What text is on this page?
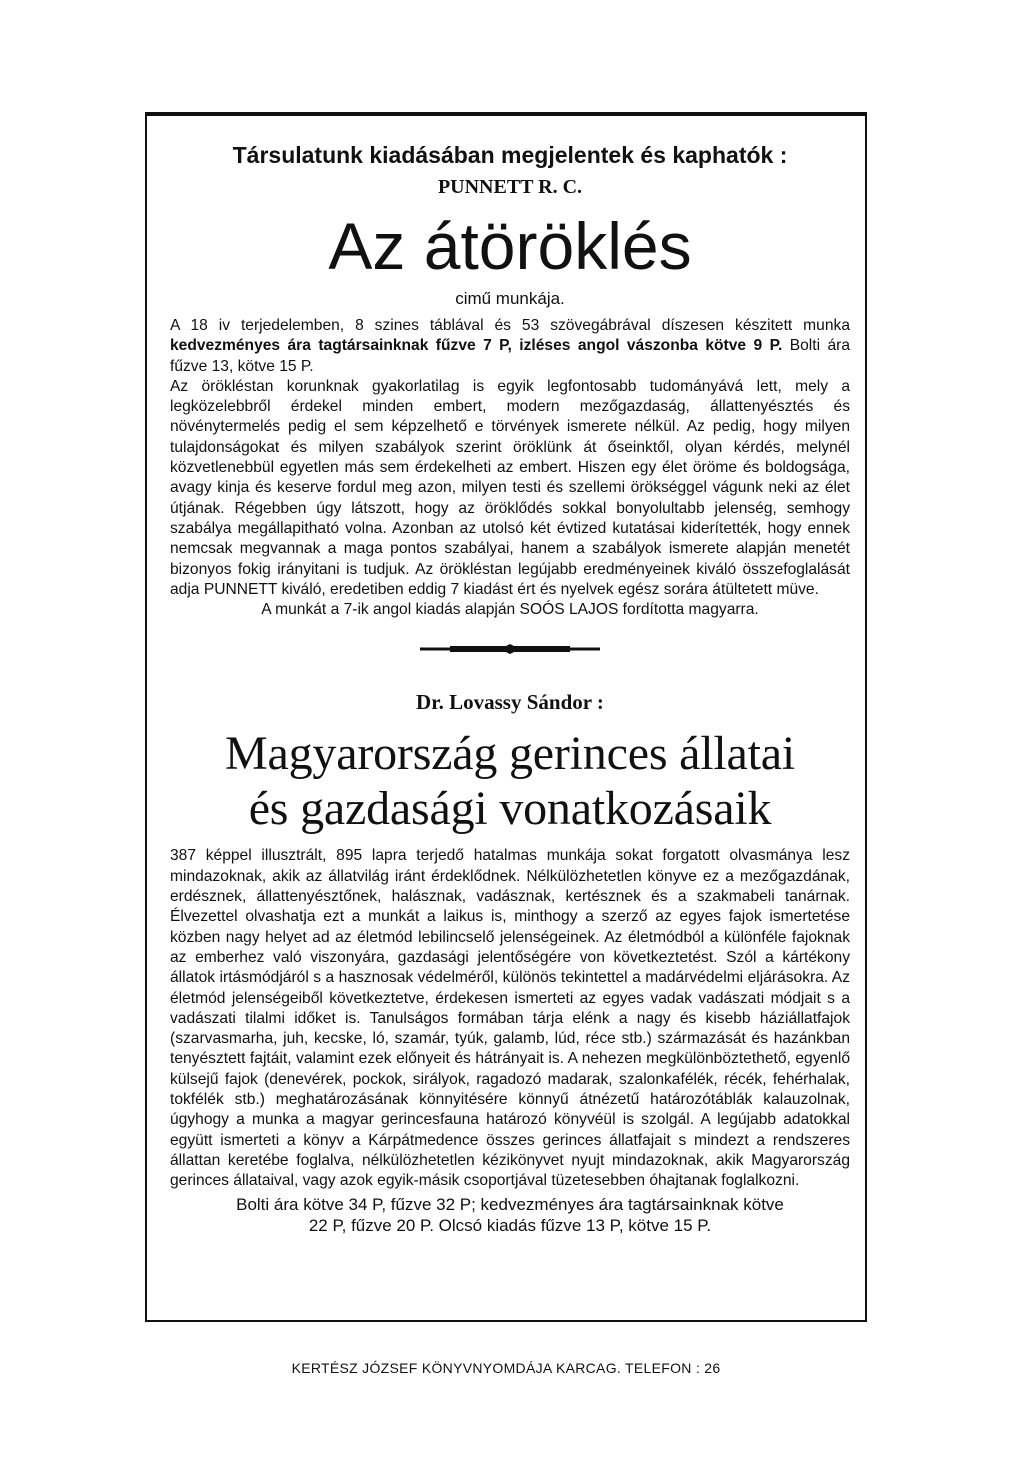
Társulatunk kiadásában megjelentek és kaphatók :
PUNNETT R. C.
Az átöröklés
cimű munkája.

A 18 iv terjedelemben, 8 szines táblával és 53 szövegábrával díszesen készitett munka kedvezményes ára tagtársainknak fűzve 7 P, izléses angol vászonba kötve 9 P. Bolti ára fűzve 13, kötve 15 P.

Az örökléstan korunknak gyakorlatilag is egyik legfontosabb tudományává lett, mely a legközelebbről érdekel minden embert, modern mezőgazdaság, állattenyésztés és növénytermelés pedig el sem képzelhető e törvények ismerete nélkül. Az pedig, hogy milyen tulajdonságokat és milyen szabályok szerint öröklünk át őseinktől, olyan kérdés, melynél közvetlenebbül egyetlen más sem érdekelheti az embert. Hiszen egy élet öröme és boldogsága, avagy kinja és keserve fordul meg azon, milyen testi és szellemi örökséggel vágunk neki az élet útjának. Régebben úgy látszott, hogy az öröklődés sokkal bonyolultabb jelenség, semhogy szabálya megállapitható volna. Azonban az utolsó két évtized kutatásai kiderítették, hogy ennek nemcsak megvannak a maga pontos szabályai, hanem a szabályok ismerete alapján menetét bizonyos fokig irányitani is tudjuk. Az örökléstan legújabb eredményeinek kiváló összefoglalását adja PUNNETT kiváló, eredetiben eddig 7 kiadást ért és nyelvek egész sorára átültetett müve.

A munkát a 7-ik angol kiadás alapján SOÓS LAJOS fordította magyarra.

Dr. Lovassy Sándor :
Magyarország gerinces állatai
és gazdasági vonatkozásaik

387 képpel illusztrált, 895 lapra terjedő hatalmas munkája sokat forgatott olvasmánya lesz mindazoknak, akik az állatvilág iránt érdeklődnek. Nélkülözhetetlen könyve ez a mezőgazdának, erdésznek, állattenyésztőnek, halásznak, vadásznak, kertésznek és a szakmabeli tanárnak. Élvezettel olvashatja ezt a munkát a laikus is, minthogy a szerző az egyes fajok ismertetése közben nagy helyet ad az életmód lebilincselő jelenségeinek. Az életmódból a különféle fajoknak az emberhez való viszonyára, gazdasági jelentőségére von következtetést. Szól a kártékony állatok irtásmódjáról s a hasznosak védelméről, különös tekintettel a madárvédelmi eljárásokra. Az életmód jelenségeiből következtetve, érdekesen ismerteti az egyes vadak vadászati módjait s a vadászati tilalmi időket is. Tanulságos formában tárja elénk a nagy és kisebb háziállatfajok (szarvasmarha, juh, kecske, ló, szamár, tyúk, galamb, lúd, réce stb.) származását és hazánkban tenyésztett fajtáit, valamint ezek előnyeit és hátrányait is. A nehezen megkülönböztethető, egyenlő külsejű fajok (denevérek, pockok, sirályok, ragadozó madarak, szalonkafélék, récék, fehérhalak, tokfélék stb.) meghatározásának könnyitésére könnyű átnézetű határozótáblák kalauzolnak, úgyhogy a munka a magyar gerincesfauna határozó könyvéül is szolgál. A legújabb adatokkal együtt ismerteti a könyv a Kárpátmedence összes gerinces állatfajait s mindezt a rendszeres állattan keretébe foglalva, nélkülözhetetlen kézikönyvet nyujt mindazoknak, akik Magyarország gerinces állataival, vagy azok egyik-másik csoportjával tüzetesebben óhajtanak foglalkozni.

Bolti ára kötve 34 P, fűzve 32 P; kedvezményes ára tagtársainknak kötve

22 P, fűzve 20 P. Olcsó kiadás fűzve 13 P, kötve 15 P.

KERTÉSZ JÓZSEF KÖNYVNYOMDÁJA KARCAG. TELEFON : 26
